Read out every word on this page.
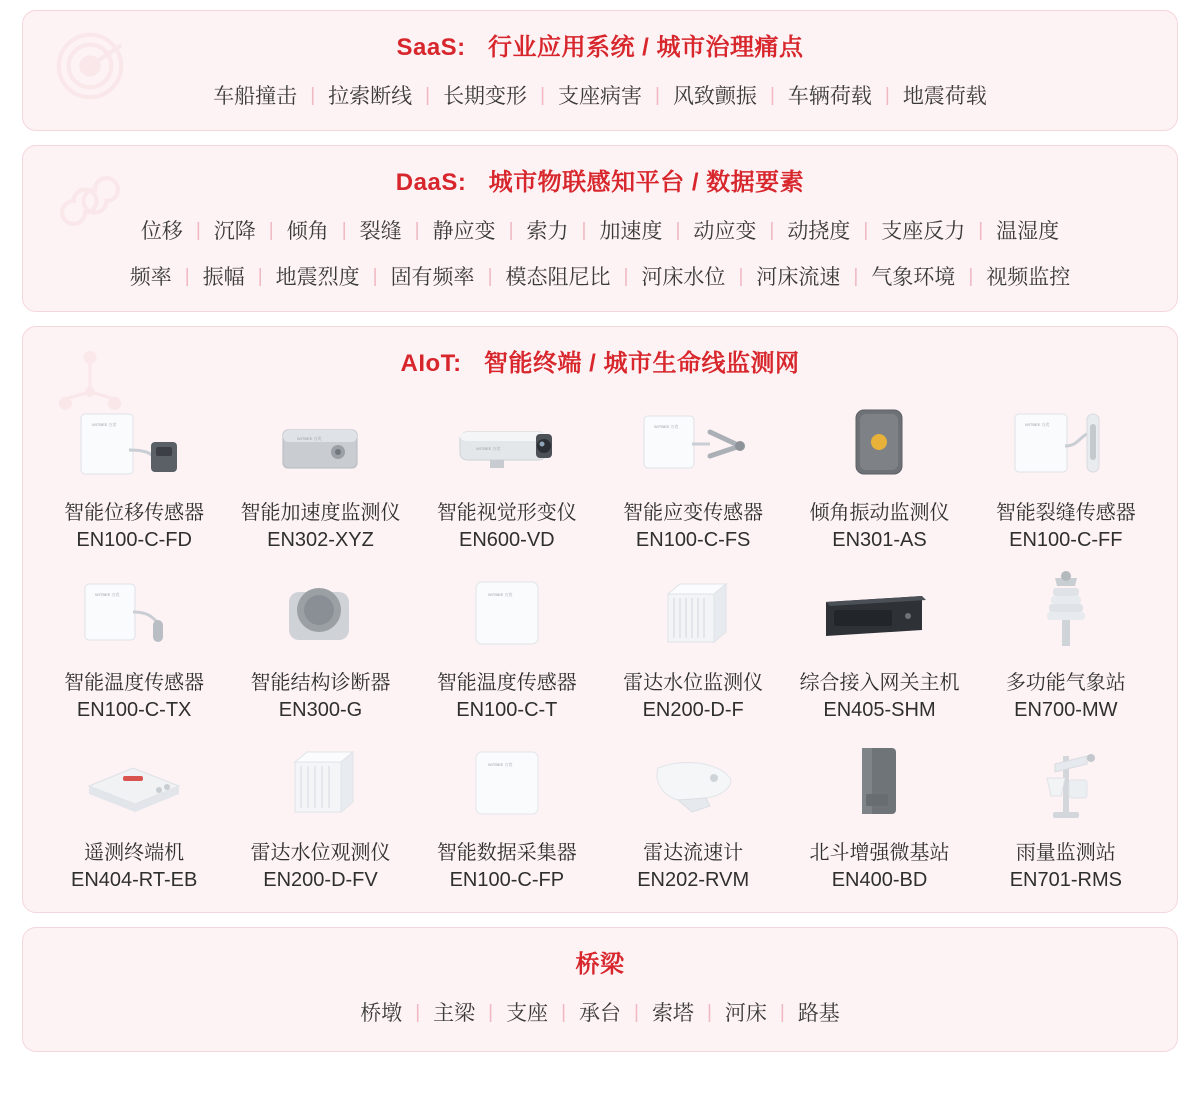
SaaS: 行业应用系统 / 城市治理痛点
车船撞击 | 拉索断线 | 长期变形 | 支座病害 | 风致颤振 | 车辆荷载 | 地震荷载
DaaS: 城市物联感知平台 / 数据要素
位移 | 沉降 | 倾角 | 裂缝 | 静应变 | 索力 | 加速度 | 动应变 | 动挠度 | 支座反力 | 温湿度
频率 | 振幅 | 地震烈度 | 固有频率 | 模态阻尼比 | 河床水位 | 河床流速 | 气象环境 | 视频监控
AIoT: 智能终端 / 城市生命线监测网
WITBEE 万宾
智能位移传感器
EN100-C-FD
WITBEE 万宾
智能加速度监测仪
EN302-XYZ
WITBEE 万宾
智能视觉形变仪
EN600-VD
WITBEE 万宾
智能应变传感器
EN100-C-FS
倾角振动监测仪
EN301-AS
WITBEE 万宾
智能裂缝传感器
EN100-C-FF
WITBEE 万宾
智能温度传感器
EN100-C-TX
智能结构诊断器
EN300-G
WITBEE 万宾
智能温度传感器
EN100-C-T
雷达水位监测仪
EN200-D-F
综合接入网关主机
EN405-SHM
多功能气象站
EN700-MW
遥测终端机
EN404-RT-EB
雷达水位观测仪
EN200-D-FV
WITBEE 万宾
智能数据采集器
EN100-C-FP
雷达流速计
EN202-RVM
北斗增强微基站
EN400-BD
雨量监测站
EN701-RMS
桥梁
桥墩 | 主梁 | 支座 | 承台 | 索塔 | 河床 | 路基
